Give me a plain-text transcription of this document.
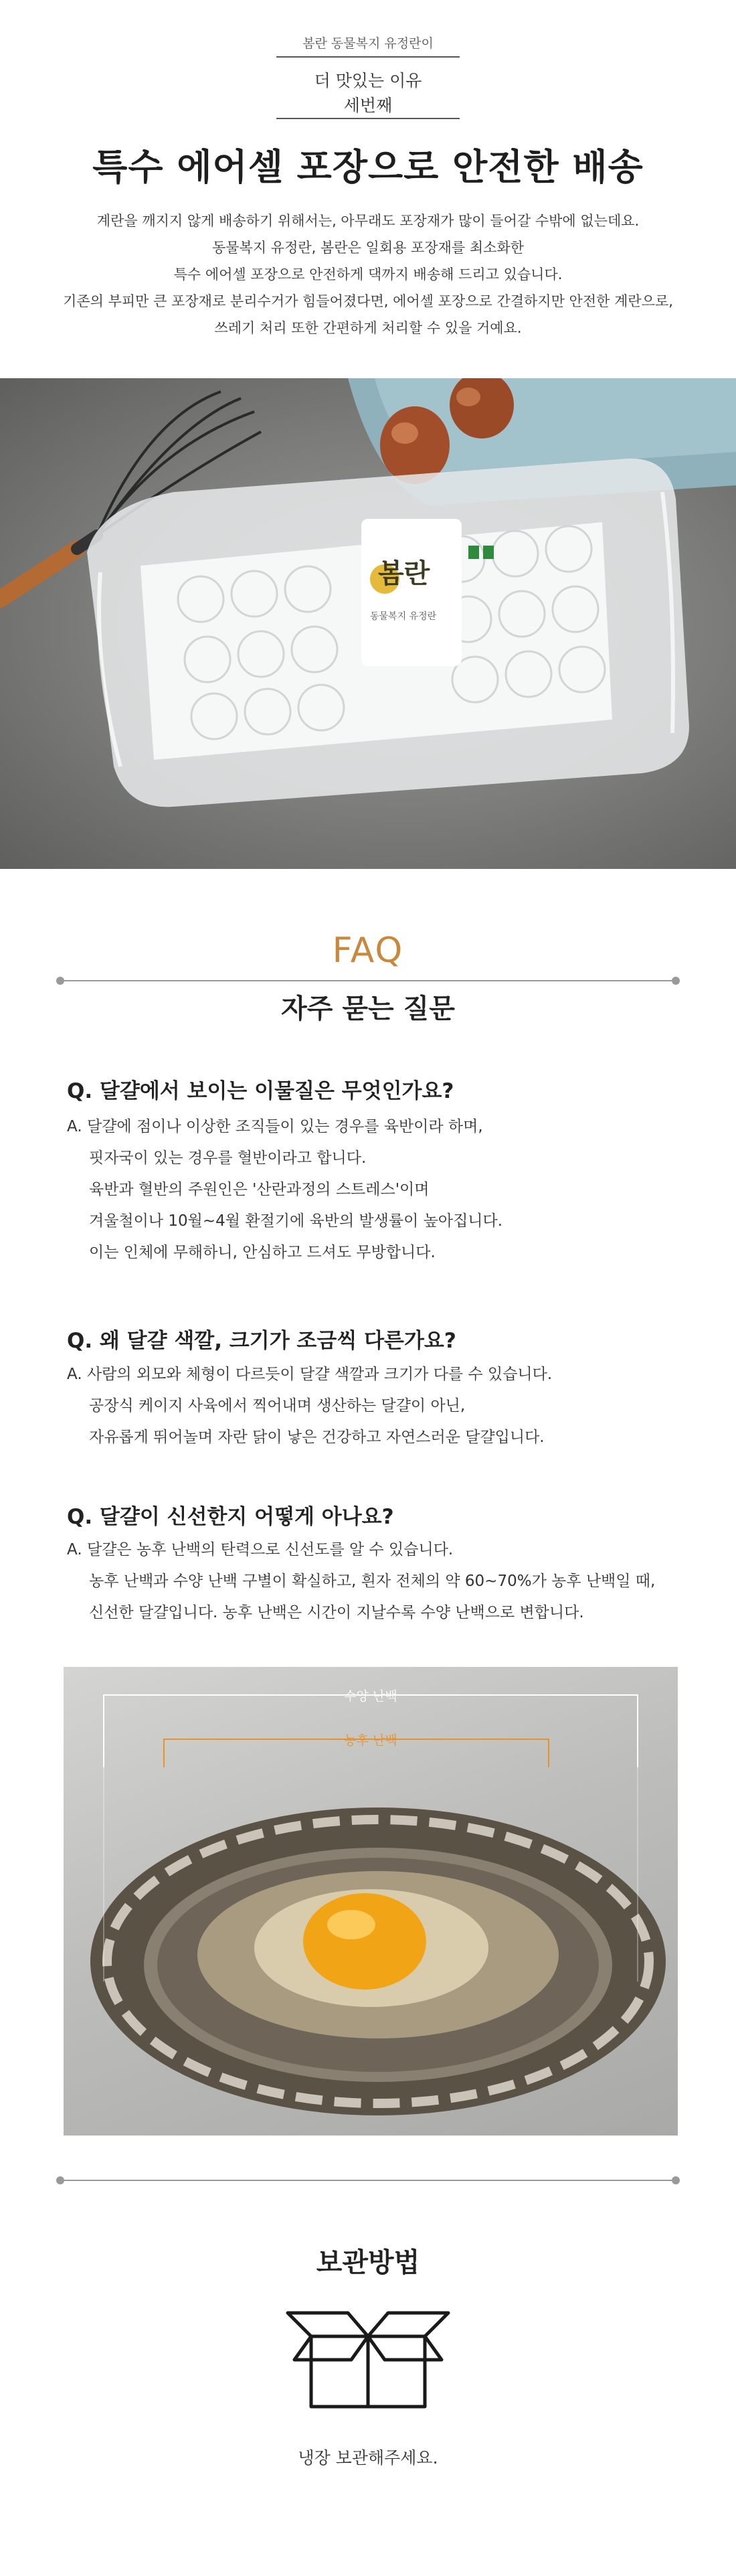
봄란 동물복지 유정란이
더 맛있는 이유
세번째
특수 에어셀 포장으로 안전한 배송
계란을 깨지지 않게 배송하기 위해서는, 아무래도 포장재가 많이 들어갈 수밖에 없는데요.
동물복지 유정란, 봄란은 일회용 포장재를 최소화한
특수 에어셀 포장으로 안전하게 댁까지 배송해 드리고 있습니다.
기존의 부피만 큰 포장재로 분리수거가 힘들어졌다면, 에어셀 포장으로 간결하지만 안전한 계란으로,
쓰레기 처리 또한 간편하게 처리할 수 있을 거예요.
봄란
동물복지 유정란
FAQ
자주 묻는 질문
Q. 달걀에서 보이는 이물질은 무엇인가요?
A. 달걀에 점이나 이상한 조직들이 있는 경우를 육반이라 하며,
핏자국이 있는 경우를 혈반이라고 합니다.
육반과 혈반의 주원인은 '산란과정의 스트레스'이며
겨울철이나 10월~4월 환절기에 육반의 발생률이 높아집니다.
이는 인체에 무해하니, 안심하고 드셔도 무방합니다.
Q. 왜 달걀 색깔, 크기가 조금씩 다른가요?
A. 사람의 외모와 체형이 다르듯이 달걀 색깔과 크기가 다를 수 있습니다.
공장식 케이지 사육에서 찍어내며 생산하는 달걀이 아닌,
자유롭게 뛰어놀며 자란 닭이 낳은 건강하고 자연스러운 달걀입니다.
Q. 달걀이 신선한지 어떻게 아나요?
A. 달걀은 농후 난백의 탄력으로 신선도를 알 수 있습니다.
농후 난백과 수양 난백 구별이 확실하고, 흰자 전체의 약 60~70%가 농후 난백일 때,
신선한 달걀입니다. 농후 난백은 시간이 지날수록 수양 난백으로 변합니다.
수양 난백
농후 난백
보관방법
냉장 보관해주세요.
